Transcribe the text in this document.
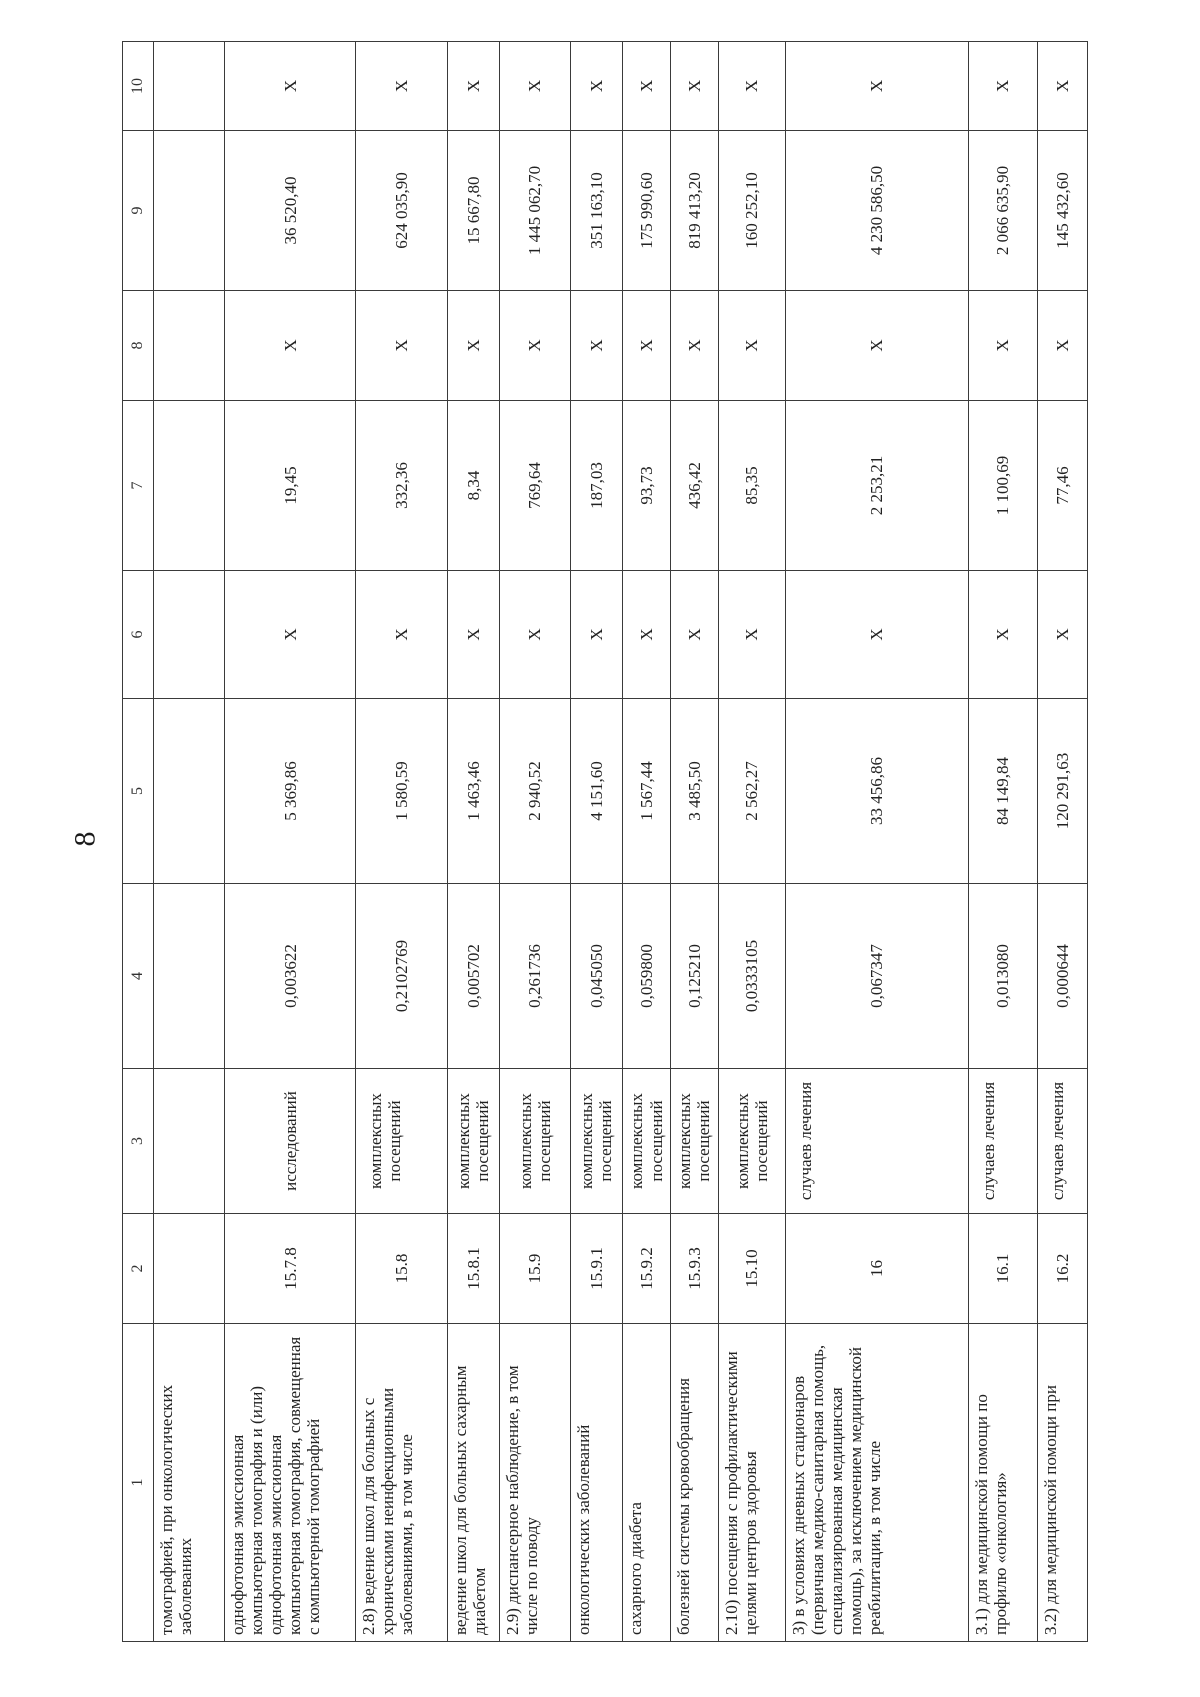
8
1	2	3	4	5	6	7	8	9	10
томографией, при онкологических заболеваниях									
однофотонная эмиссионная компьютерная томография и (или) однофотонная эмиссионная компьютерная томография, совмещенная с компьютерной томографией	15.7.8	исследований	0,003622	5 369,86	Х	19,45	Х	36 520,40	Х
2.8) ведение школ для больных с хроническими неинфекционными заболеваниями, в том числе	15.8	комплексных посещений	0,2102769	1 580,59	Х	332,36	Х	624 035,90	Х
ведение школ для больных сахарным диабетом	15.8.1	комплексных посещений	0,005702	1 463,46	Х	8,34	Х	15 667,80	Х
2.9) диспансерное наблюдение, в том числе по поводу	15.9	комплексных посещений	0,261736	2 940,52	Х	769,64	Х	1 445 062,70	Х
онкологических заболеваний	15.9.1	комплексных посещений	0,045050	4 151,60	Х	187,03	Х	351 163,10	Х
сахарного диабета	15.9.2	комплексных посещений	0,059800	1 567,44	Х	93,73	Х	175 990,60	Х
болезней системы кровообращения	15.9.3	комплексных посещений	0,125210	3 485,50	Х	436,42	Х	819 413,20	Х
2.10) посещения с профилактическими целями центров здоровья	15.10	комплексных посещений	0,0333105	2 562,27	Х	85,35	Х	160 252,10	Х
3) в условиях дневных стационаров (первичная медико-санитарная помощь, специализированная медицинская помощь), за исключением медицинской реабилитации, в том числе	16	случаев лечения	0,067347	33 456,86	Х	2 253,21	Х	4 230 586,50	Х
3.1) для медицинской помощи по профилю «онкология»	16.1	случаев лечения	0,013080	84 149,84	Х	1 100,69	Х	2 066 635,90	Х
3.2) для медицинской помощи при	16.2	случаев лечения	0,000644	120 291,63	Х	77,46	Х	145 432,60	Х
